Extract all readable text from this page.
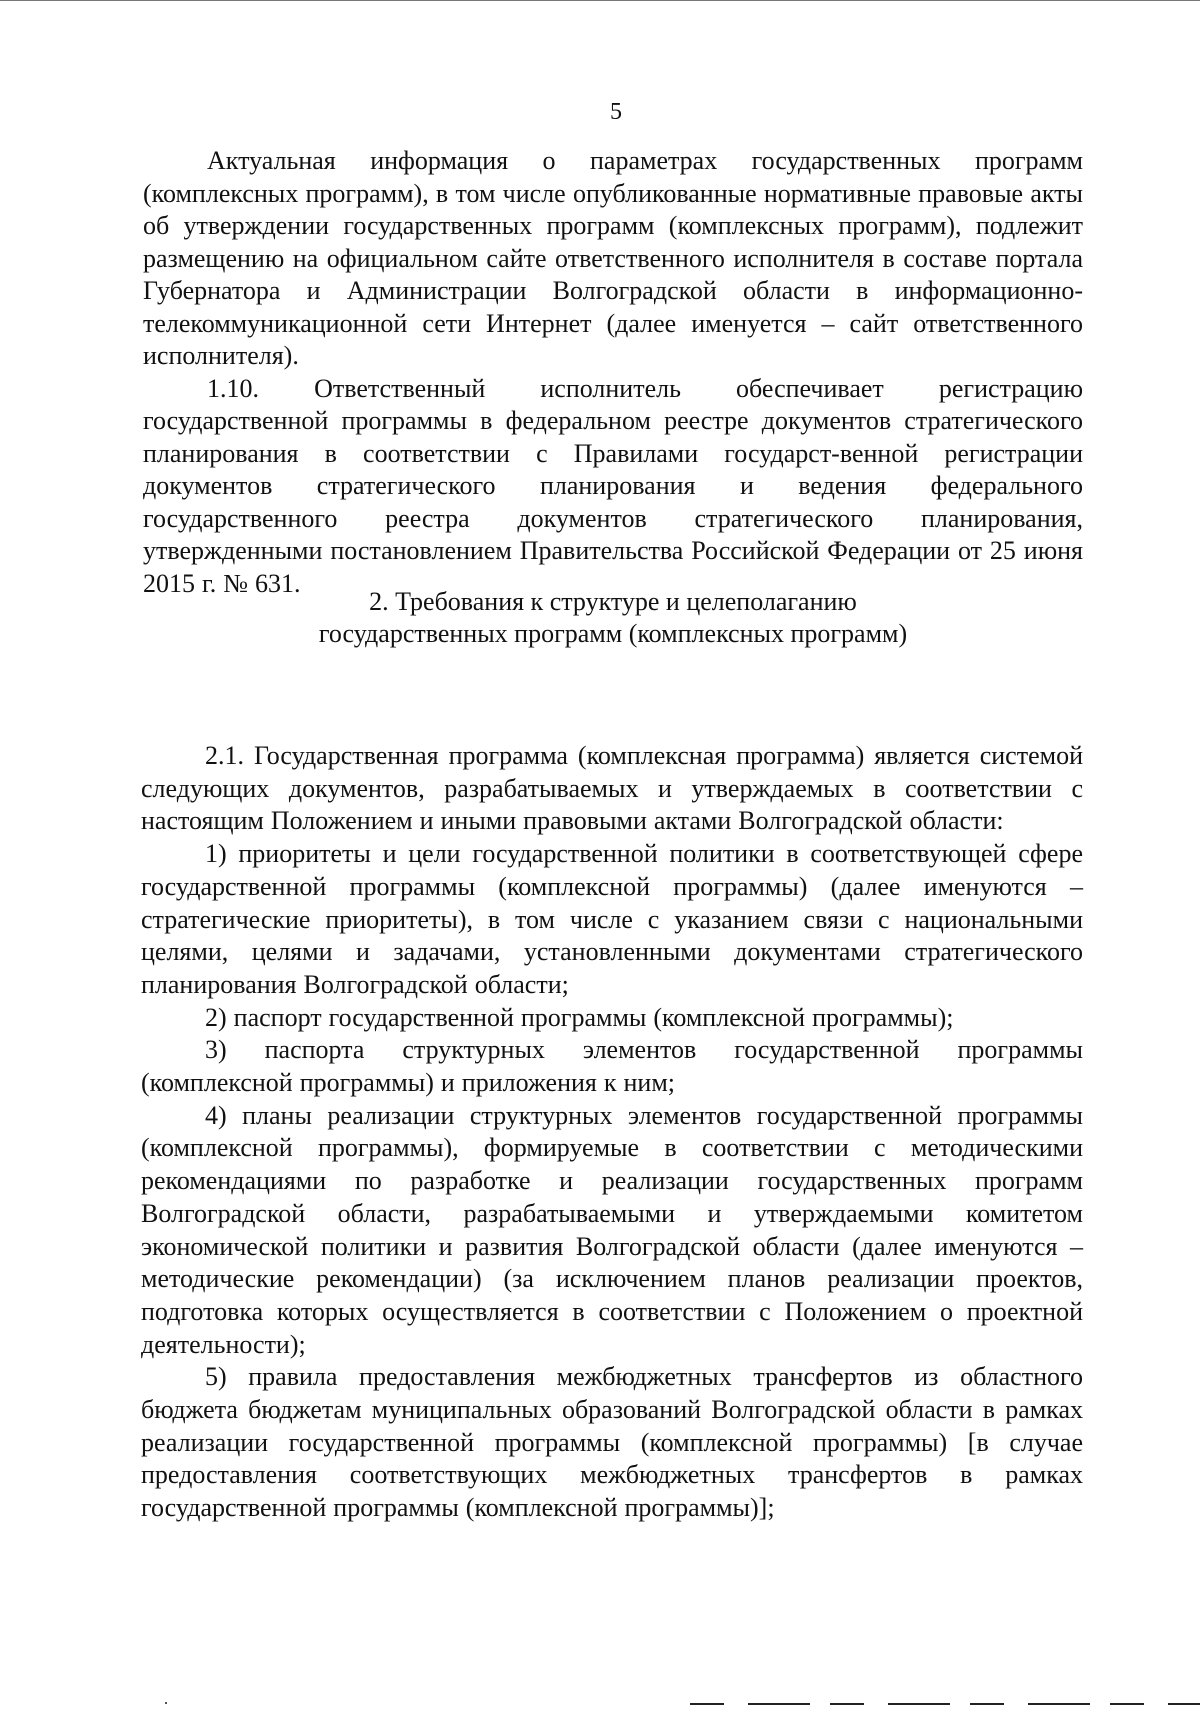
5

Актуальная информация о параметрах государственных программ (комплексных программ), в том числе опубликованные нормативные правовые акты об утверждении государственных программ (комплексных программ), подлежит размещению на официальном сайте ответственного исполнителя в составе портала Губернатора и Администрации Волгоградской области в информационно-телекоммуникационной сети Интернет (далее именуется – сайт ответственного исполнителя).

1.10. Ответственный исполнитель обеспечивает регистрацию государственной программы в федеральном реестре документов стратегического планирования в соответствии с Правилами государст-венной регистрации документов стратегического планирования и ведения федерального государственного реестра документов стратегического планирования, утвержденными постановлением Правительства Российской Федерации от 25 июня 2015 г. № 631.

2. Требования к структуре и целеполаганию
государственных программ (комплексных программ)

2.1. Государственная программа (комплексная программа) является системой следующих документов, разрабатываемых и утверждаемых в соответствии с настоящим Положением и иными правовыми актами Волгоградской области:

1) приоритеты и цели государственной политики в соответствующей сфере государственной программы (комплексной программы) (далее именуются – стратегические приоритеты), в том числе с указанием связи с национальными целями, целями и задачами, установленными документами стратегического планирования Волгоградской области;

2) паспорт государственной программы (комплексной программы);

3) паспорта структурных элементов государственной программы (комплексной программы) и приложения к ним;

4) планы реализации структурных элементов государственной программы (комплексной программы), формируемые в соответствии с методическими рекомендациями по разработке и реализации государственных программ Волгоградской области, разрабатываемыми и утверждаемыми комитетом экономической политики и развития Волгоградской области (далее именуются – методические рекомендации) (за исключением планов реализации проектов, подготовка которых осуществляется в соответствии с Положением о проектной деятельности);

5) правила предоставления межбюджетных трансфертов из областного бюджета бюджетам муниципальных образований Волгоградской области в рамках реализации государственной программы (комплексной программы) [в случае предоставления соответствующих межбюджетных трансфертов в рамках государственной программы (комплексной программы)];
